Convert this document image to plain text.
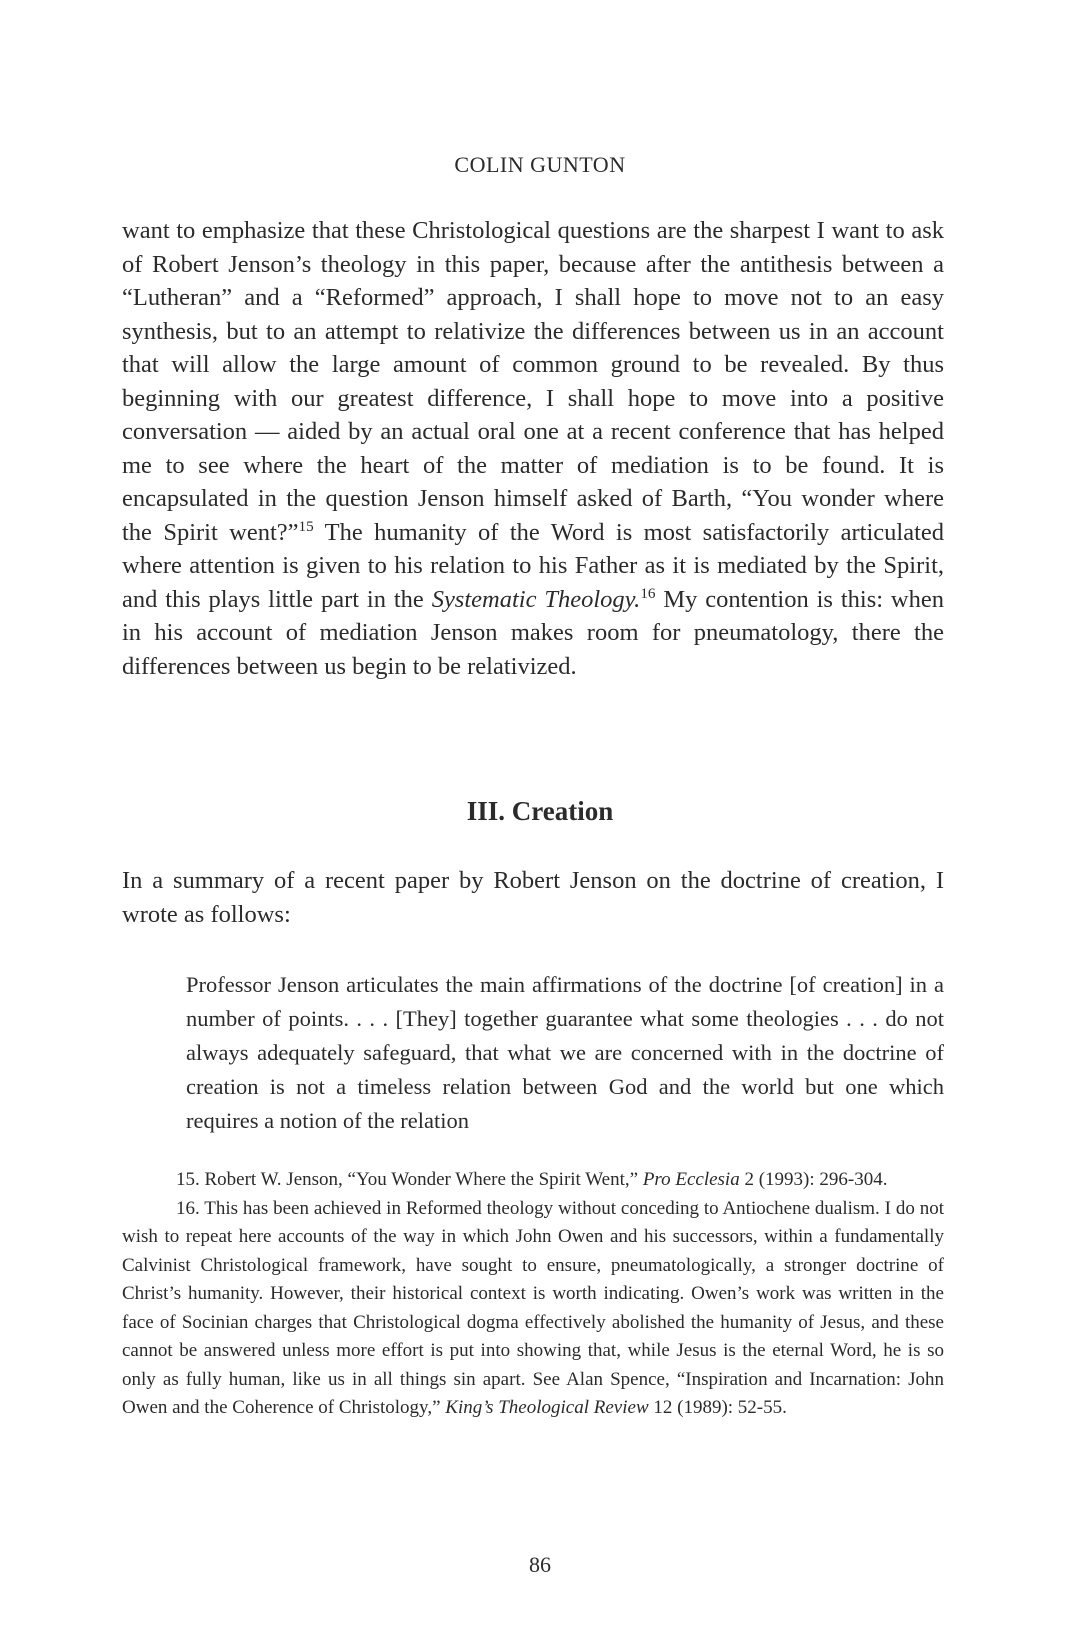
COLIN GUNTON

want to emphasize that these Christological questions are the sharpest I want to ask of Robert Jenson’s theology in this paper, because after the antithesis between a “Lutheran” and a “Reformed” approach, I shall hope to move not to an easy synthesis, but to an attempt to relativize the differences between us in an account that will allow the large amount of common ground to be revealed. By thus beginning with our greatest difference, I shall hope to move into a positive conversation — aided by an actual oral one at a recent conference that has helped me to see where the heart of the matter of mediation is to be found. It is encapsulated in the question Jenson himself asked of Barth, “You wonder where the Spirit went?”$^{15}$ The humanity of the Word is most satisfactorily articulated where attention is given to his relation to his Father as it is mediated by the Spirit, and this plays little part in the Systematic Theology.$^{16}$ My contention is this: when in his account of mediation Jenson makes room for pneumatology, there the differences between us begin to be relativized.

III. Creation

In a summary of a recent paper by Robert Jenson on the doctrine of creation, I wrote as follows:

Professor Jenson articulates the main affirmations of the doctrine [of creation] in a number of points. . . . [They] together guarantee what some theologies . . . do not always adequately safeguard, that what we are concerned with in the doctrine of creation is not a timeless relation between God and the world but one which requires a notion of the relation

15. Robert W. Jenson, “You Wonder Where the Spirit Went,” Pro Ecclesia 2 (1993): 296-304.

16. This has been achieved in Reformed theology without conceding to Antiochene dualism. I do not wish to repeat here accounts of the way in which John Owen and his successors, within a fundamentally Calvinist Christological framework, have sought to ensure, pneumatologically, a stronger doctrine of Christ’s humanity. However, their historical context is worth indicating. Owen’s work was written in the face of Socinian charges that Christological dogma effectively abolished the humanity of Jesus, and these cannot be answered unless more effort is put into showing that, while Jesus is the eternal Word, he is so only as fully human, like us in all things sin apart. See Alan Spence, “Inspiration and Incarnation: John Owen and the Coherence of Christology,” King’s Theological Review 12 (1989): 52-55.

86
